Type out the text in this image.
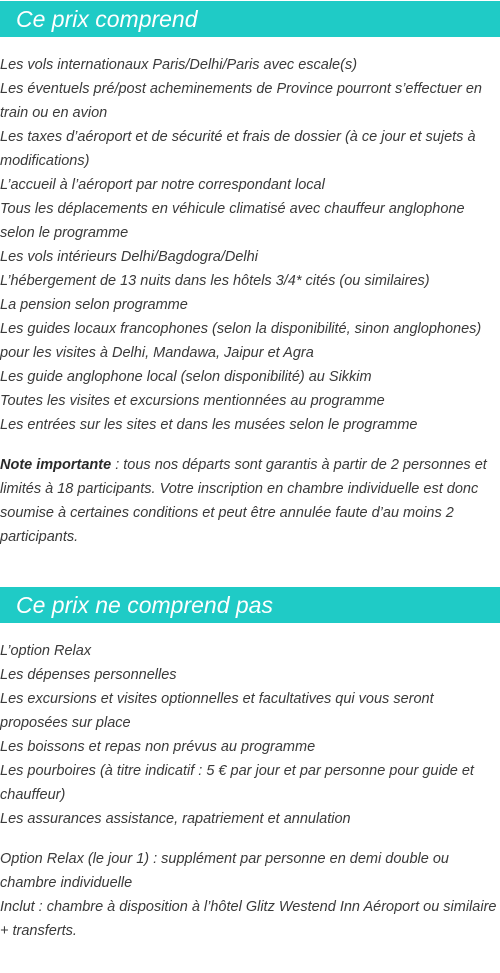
Ce prix comprend
Les vols internationaux Paris/Delhi/Paris avec escale(s)
Les éventuels pré/post acheminements de Province pourront s’effectuer en train ou en avion
Les taxes d’aéroport et de sécurité et frais de dossier (à ce jour et sujets à modifications)
L’accueil à l’aéroport par notre correspondant local
Tous les déplacements en véhicule climatisé avec chauffeur anglophone selon le programme
Les vols intérieurs Delhi/Bagdogra/Delhi
L’hébergement de 13 nuits dans les hôtels 3/4* cités (ou similaires)
La pension selon programme
Les guides locaux francophones (selon la disponibilité, sinon anglophones) pour les visites à Delhi, Mandawa, Jaipur et Agra
Les guide anglophone local (selon disponibilité) au Sikkim
Toutes les visites et excursions mentionnées au programme
Les entrées sur les sites et dans les musées selon le programme

Note importante : tous nos départs sont garantis à partir de 2 personnes et limités à 18 participants. Votre inscription en chambre individuelle est donc soumise à certaines conditions et peut être annulée faute d’au moins 2 participants.

Ce prix ne comprend pas
L’option Relax
Les dépenses personnelles
Les excursions et visites optionnelles et facultatives qui vous seront proposées sur place
Les boissons et repas non prévus au programme
Les pourboires (à titre indicatif : 5 € par jour et par personne pour guide et chauffeur)
Les assurances assistance, rapatriement et annulation

Option Relax (le jour 1) : supplément par personne en demi double ou chambre individuelle

Inclut : chambre à disposition à l’hôtel Glitz Westend Inn Aéroport ou similaire + transferts.
